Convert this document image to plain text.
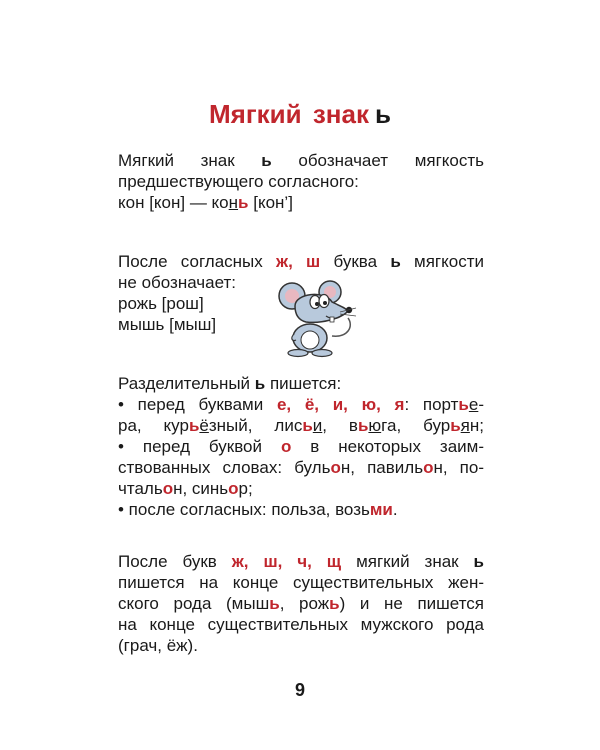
Мягкий знак ь
Мягкий знак ь обозначает мягкость
предшествующего согласного:
кон [кон] — конь [кон’]
После согласных ж, ш буква ь мягкости
не обозначает:
рожь [рош]
мышь [мыш]
Разделительный ь пишется:
• перед буквами е, ё, и, ю, я: портье-
ра, курьёзный, лисьи, вьюга, бурьян;
• перед буквой о в некоторых заим-
ствованных словах: бульон, павильон, по-
чтальон, синьор;
• после согласных: польза, возьми.
После букв ж, ш, ч, щ мягкий знак ь
пишется на конце существительных жен-
ского рода (мышь, рожь) и не пишется
на конце существительных мужского рода
(грач, ёж).
9
